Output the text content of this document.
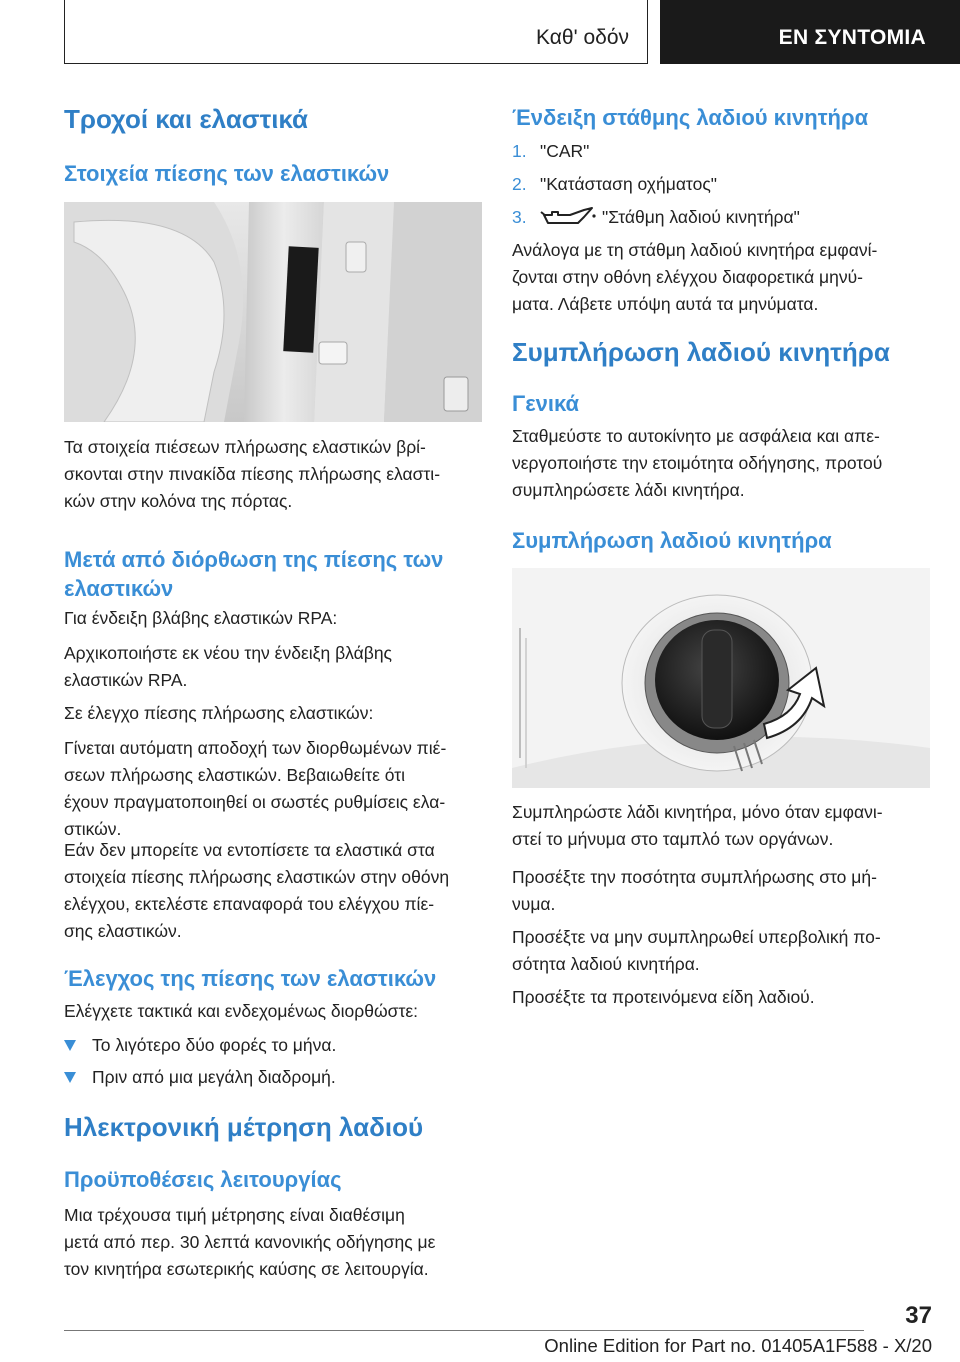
Καθ' οδόν	ΕΝ ΣΥΝΤΟΜΙΑ
Τροχοί και ελαστικά
Στοιχεία πίεσης των ελαστικών
Τα στοιχεία πιέσεων πλήρωσης ελαστικών βρί-
σκονται στην πινακίδα πίεσης πλήρωσης ελαστι-
κών στην κολόνα της πόρτας.
Μετά από διόρθωση της πίεσης των
ελαστικών
Για ένδειξη βλάβης ελαστικών RPA:
Αρχικοποιήστε εκ νέου την ένδειξη βλάβης
ελαστικών RPA.
Σε έλεγχο πίεσης πλήρωσης ελαστικών:
Γίνεται αυτόματη αποδοχή των διορθωμένων πιέ-
σεων πλήρωσης ελαστικών. Βεβαιωθείτε ότι
έχουν πραγματοποιηθεί οι σωστές ρυθμίσεις ελα-
στικών.
Εάν δεν μπορείτε να εντοπίσετε τα ελαστικά στα
στοιχεία πίεσης πλήρωσης ελαστικών στην οθόνη
ελέγχου, εκτελέστε επαναφορά του ελέγχου πίε-
σης ελαστικών.
Έλεγχος της πίεσης των ελαστικών
Ελέγχετε τακτικά και ενδεχομένως διορθώστε:
Το λιγότερο δύο φορές το μήνα.
Πριν από μια μεγάλη διαδρομή.
Ηλεκτρονική μέτρηση λαδιού
Προϋποθέσεις λειτουργίας
Μια τρέχουσα τιμή μέτρησης είναι διαθέσιμη
μετά από περ. 30 λεπτά κανονικής οδήγησης με
τον κινητήρα εσωτερικής καύσης σε λειτουργία.
Ένδειξη στάθμης λαδιού κινητήρα
1. "CAR"
2. "Κατάσταση οχήματος"
3.	"Στάθμη λαδιού κινητήρα"
Ανάλογα με τη στάθμη λαδιού κινητήρα εμφανί-
ζονται στην οθόνη ελέγχου διαφορετικά μηνύ-
ματα. Λάβετε υπόψη αυτά τα μηνύματα.
Συμπλήρωση λαδιού κινητήρα
Γενικά
Σταθμεύστε το αυτοκίνητο με ασφάλεια και απε-
νεργοποιήστε την ετοιμότητα οδήγησης, προτού
συμπληρώσετε λάδι κινητήρα.
Συμπλήρωση λαδιού κινητήρα
Συμπληρώστε λάδι κινητήρα, μόνο όταν εμφανι-
στεί το μήνυμα στο ταμπλό των οργάνων.
Προσέξτε την ποσότητα συμπλήρωσης στο μή-
νυμα.
Προσέξτε να μην συμπληρωθεί υπερβολική πο-
σότητα λαδιού κινητήρα.
Προσέξτε τα προτεινόμενα είδη λαδιού.
37
Online Edition for Part no. 01405A1F588 - X/20
